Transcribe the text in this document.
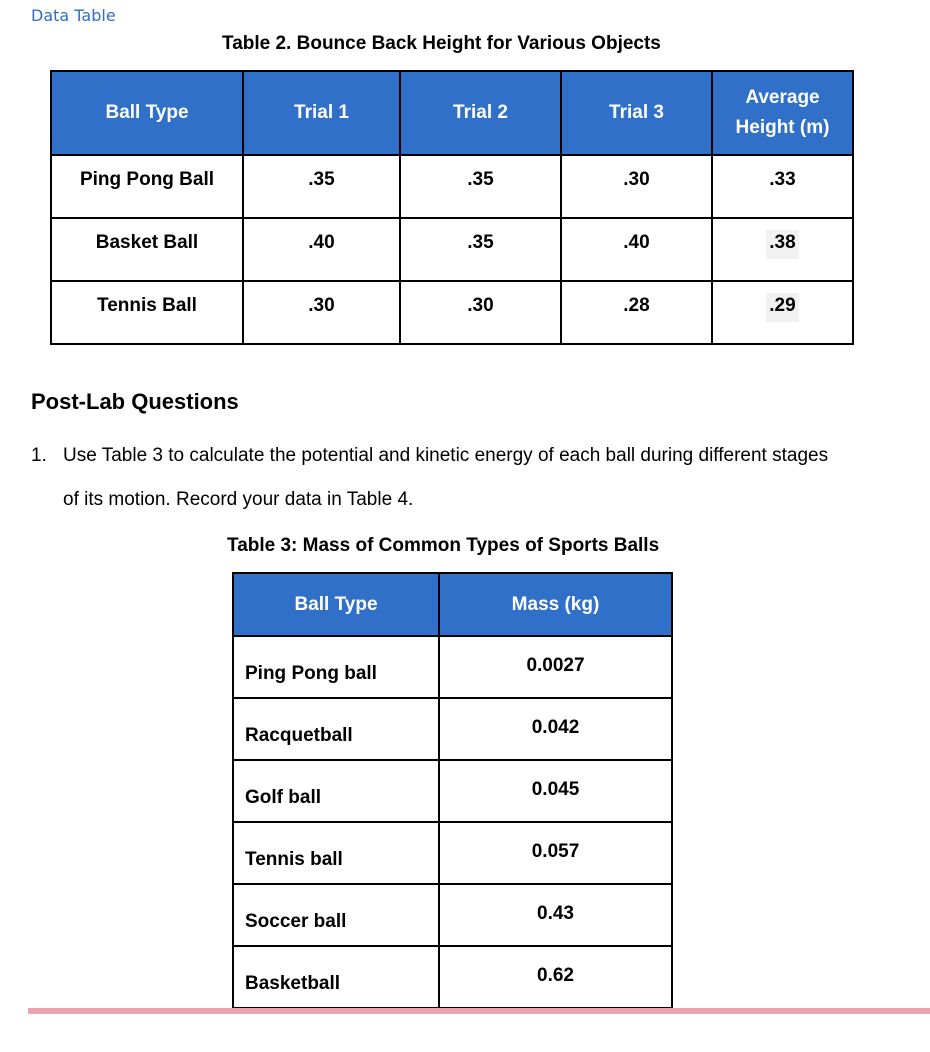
Data Table
Table 2. Bounce Back Height for Various Objects
Ball Type	Trial 1	Trial 2	Trial 3	Average
Height (m)
Ping Pong Ball	.35	.35	.30	.33
Basket Ball	.40	.35	.40	.38
Tennis Ball	.30	.30	.28	.29
Post-Lab Questions
1. Use Table 3 to calculate the potential and kinetic energy of each ball during different stages
of its motion. Record your data in Table 4.
Table 3: Mass of Common Types of Sports Balls
Ball Type	Mass (kg)
Ping Pong ball	0.0027
Racquetball	0.042
Golf ball	0.045
Tennis ball	0.057
Soccer ball	0.43
Basketball	0.62
